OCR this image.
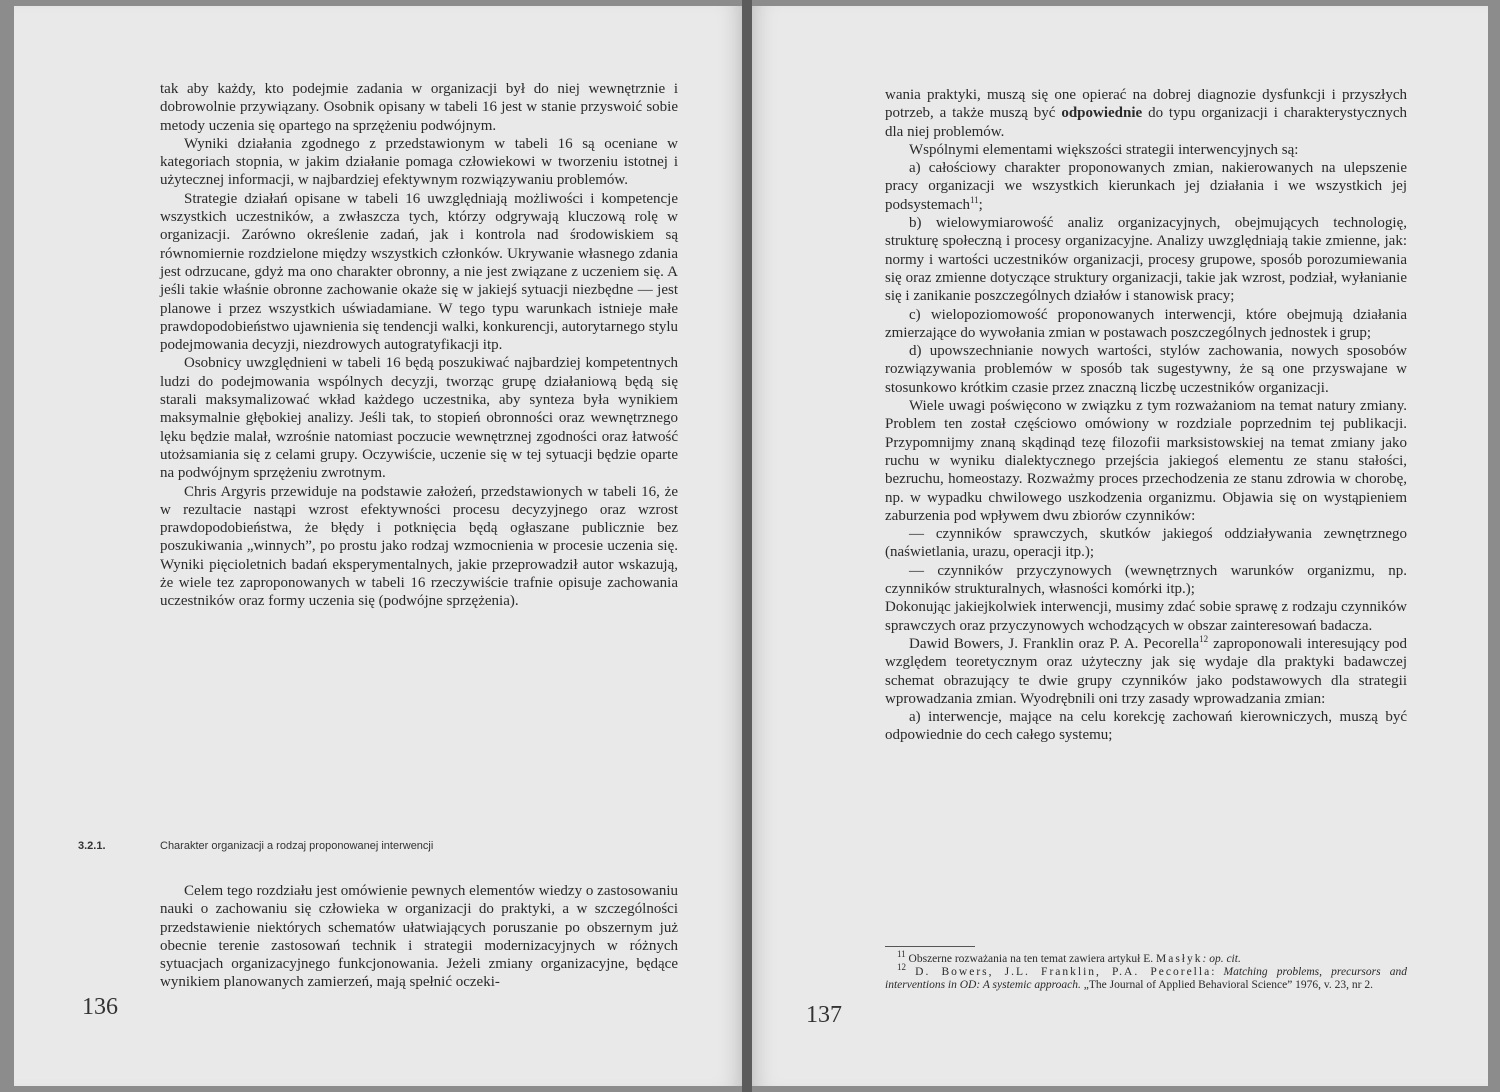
tak aby każdy, kto podejmie zadania w organizacji był do niej wewnętrznie i dobrowolnie przywiązany. Osobnik opisany w tabeli 16 jest w stanie przyswoić sobie metody uczenia się opartego na sprzężeniu podwójnym.

Wyniki działania zgodnego z przedstawionym w tabeli 16 są oceniane w kategoriach stopnia, w jakim działanie pomaga człowiekowi w tworzeniu istotnej i użytecznej informacji, w najbardziej efektywnym rozwiązywaniu problemów.

Strategie działań opisane w tabeli 16 uwzględniają możliwości i kompetencje wszystkich uczestników, a zwłaszcza tych, którzy odgrywają kluczową rolę w organizacji. Zarówno określenie zadań, jak i kontrola nad środowiskiem są równomiernie rozdzielone między wszystkich członków. Ukrywanie własnego zdania jest odrzucane, gdyż ma ono charakter obronny, a nie jest związane z uczeniem się. A jeśli takie właśnie obronne zachowanie okaże się w jakiejś sytuacji niezbędne — jest planowe i przez wszystkich uświadamiane. W tego typu warunkach istnieje małe prawdopodobieństwo ujawnienia się tendencji walki, konkurencji, autorytarnego stylu podejmowania decyzji, niezdrowych autogratyfikacji itp.

Osobnicy uwzględnieni w tabeli 16 będą poszukiwać najbardziej kompetentnych ludzi do podejmowania wspólnych decyzji, tworząc grupę działaniową będą się starali maksymalizować wkład każdego uczestnika, aby synteza była wynikiem maksymalnie głębokiej analizy. Jeśli tak, to stopień obronności oraz wewnętrznego lęku będzie malał, wzrośnie natomiast poczucie wewnętrznej zgodności oraz łatwość utożsamiania się z celami grupy. Oczywiście, uczenie się w tej sytuacji będzie oparte na podwójnym sprzężeniu zwrotnym.

Chris Argyris przewiduje na podstawie założeń, przedstawionych w tabeli 16, że w rezultacie nastąpi wzrost efektywności procesu decyzyjnego oraz wzrost prawdopodobieństwa, że błędy i potknięcia będą ogłaszane publicznie bez poszukiwania „winnych”, po prostu jako rodzaj wzmocnienia w procesie uczenia się. Wyniki pięcioletnich badań eksperymentalnych, jakie przeprowadził autor wskazują, że wiele tez zaproponowanych w tabeli 16 rzeczywiście trafnie opisuje zachowania uczestników oraz formy uczenia się (podwójne sprzężenia).

3.2.1.	Charakter organizacji a rodzaj proponowanej interwencji

Celem tego rozdziału jest omówienie pewnych elementów wiedzy o zastosowaniu nauki o zachowaniu się człowieka w organizacji do praktyki, a w szczególności przedstawienie niektórych schematów ułatwiających poruszanie po obszernym już obecnie terenie zastosowań technik i strategii modernizacyjnych w różnych sytuacjach organizacyjnego funkcjonowania. Jeżeli zmiany organizacyjne, będące wynikiem planowanych zamierzeń, mają spełnić oczeki-

136

wania praktyki, muszą się one opierać na dobrej diagnozie dysfunkcji i przyszłych potrzeb, a także muszą być odpowiednie do typu organizacji i charakterystycznych dla niej problemów.

Wspólnymi elementami większości strategii interwencyjnych są:

a) całościowy charakter proponowanych zmian, nakierowanych na ulepszenie pracy organizacji we wszystkich kierunkach jej działania i we wszystkich jej podsystemach$^{11}$;

b) wielowymiarowość analiz organizacyjnych, obejmujących technologię, strukturę społeczną i procesy organizacyjne. Analizy uwzględniają takie zmienne, jak: normy i wartości uczestników organizacji, procesy grupowe, sposób porozumiewania się oraz zmienne dotyczące struktury organizacji, takie jak wzrost, podział, wyłanianie się i zanikanie poszczególnych działów i stanowisk pracy;

c) wielopoziomowość proponowanych interwencji, które obejmują działania zmierzające do wywołania zmian w postawach poszczególnych jednostek i grup;

d) upowszechnianie nowych wartości, stylów zachowania, nowych sposobów rozwiązywania problemów w sposób tak sugestywny, że są one przyswajane w stosunkowo krótkim czasie przez znaczną liczbę uczestników organizacji.

Wiele uwagi poświęcono w związku z tym rozważaniom na temat natury zmiany. Problem ten został częściowo omówiony w rozdziale poprzednim tej publikacji. Przypomnijmy znaną skądinąd tezę filozofii marksistowskiej na temat zmiany jako ruchu w wyniku dialektycznego przejścia jakiegoś elementu ze stanu stałości, bezruchu, homeostazy. Rozważmy proces przechodzenia ze stanu zdrowia w chorobę, np. w wypadku chwilowego uszkodzenia organizmu. Objawia się on wystąpieniem zaburzenia pod wpływem dwu zbiorów czynników:

— czynników sprawczych, skutków jakiegoś oddziaływania zewnętrznego (naświetlania, urazu, operacji itp.);

— czynników przyczynowych (wewnętrznych warunków organizmu, np. czynników strukturalnych, własności komórki itp.);

Dokonując jakiejkolwiek interwencji, musimy zdać sobie sprawę z rodzaju czynników sprawczych oraz przyczynowych wchodzących w obszar zainteresowań badacza.

Dawid Bowers, J. Franklin oraz P. A. Pecorella$^{12}$ zaproponowali interesujący pod względem teoretycznym oraz użyteczny jak się wydaje dla praktyki badawczej schemat obrazujący te dwie grupy czynników jako podstawowych dla strategii wprowadzania zmian. Wyodrębnili oni trzy zasady wprowadzania zmian:

a) interwencje, mające na celu korekcję zachowań kierowniczych, muszą być odpowiednie do cech całego systemu;

$^{11}$ Obszerne rozważania na ten temat zawiera artykuł E. Masłyk: op. cit.

$^{12}$ D. Bowers, J.L. Franklin, P.A. Pecorella: Matching problems, precursors and interventions in OD: A systemic approach. „The Journal of Applied Behavioral Science” 1976, v. 23, nr 2.

137
